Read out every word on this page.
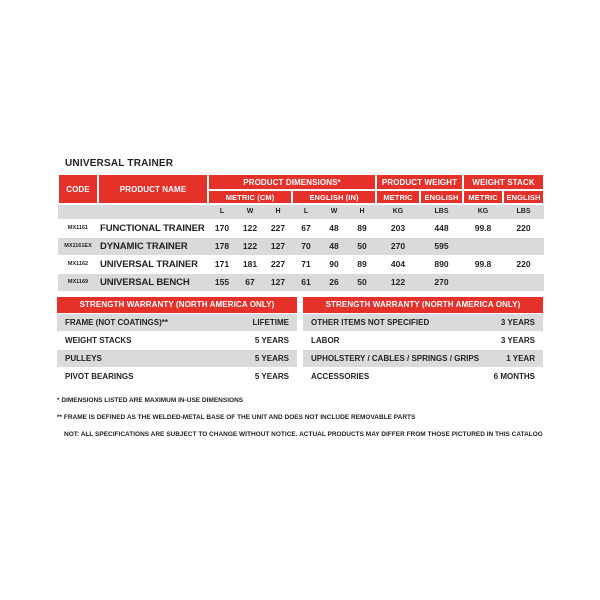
UNIVERSAL TRAINER
CODE	PRODUCT NAME	PRODUCT DIMENSIONS*						PRODUCT WEIGHT		WEIGHT STACK	
		METRIC (CM)			ENGLISH (IN)			METRIC	ENGLISH	METRIC	ENGLISH
		L	W	H	L	W	H	KG	LBS	KG	LBS
MX1161	FUNCTIONAL TRAINER	170	122	227	67	48	89	203	448	99.8	220
MX1161EX	DYNAMIC TRAINER	178	122	127	70	48	50	270	595		
MX1162	UNIVERSAL TRAINER	171	181	227	71	90	89	404	890	99.8	220
MX1169	UNIVERSAL BENCH	155	67	127	61	26	50	122	270		
STRENGTH WARRANTY (NORTH AMERICA ONLY)
FRAME (NOT COATINGS)**	LIFETIME
WEIGHT STACKS	5 YEARS
PULLEYS	5 YEARS
PIVOT BEARINGS	5 YEARS
STRENGTH WARRANTY (NORTH AMERICA ONLY)
OTHER ITEMS NOT SPECIFIED	3 YEARS
LABOR	3 YEARS
UPHOLSTERY / CABLES / SPRINGS / GRIPS	1 YEAR
ACCESSORIES	6 MONTHS
* DIMENSIONS LISTED ARE MAXIMUM IN-USE DIMENSIONS
** FRAME IS DEFINED AS THE WELDED-METAL BASE OF THE UNIT AND DOES NOT INCLUDE REMOVABLE PARTS
NOT: ALL SPECIFICATIONS ARE SUBJECT TO CHANGE WITHOUT NOTICE. ACTUAL PRODUCTS MAY DIFFER FROM THOSE PICTURED IN THIS CATALOG
